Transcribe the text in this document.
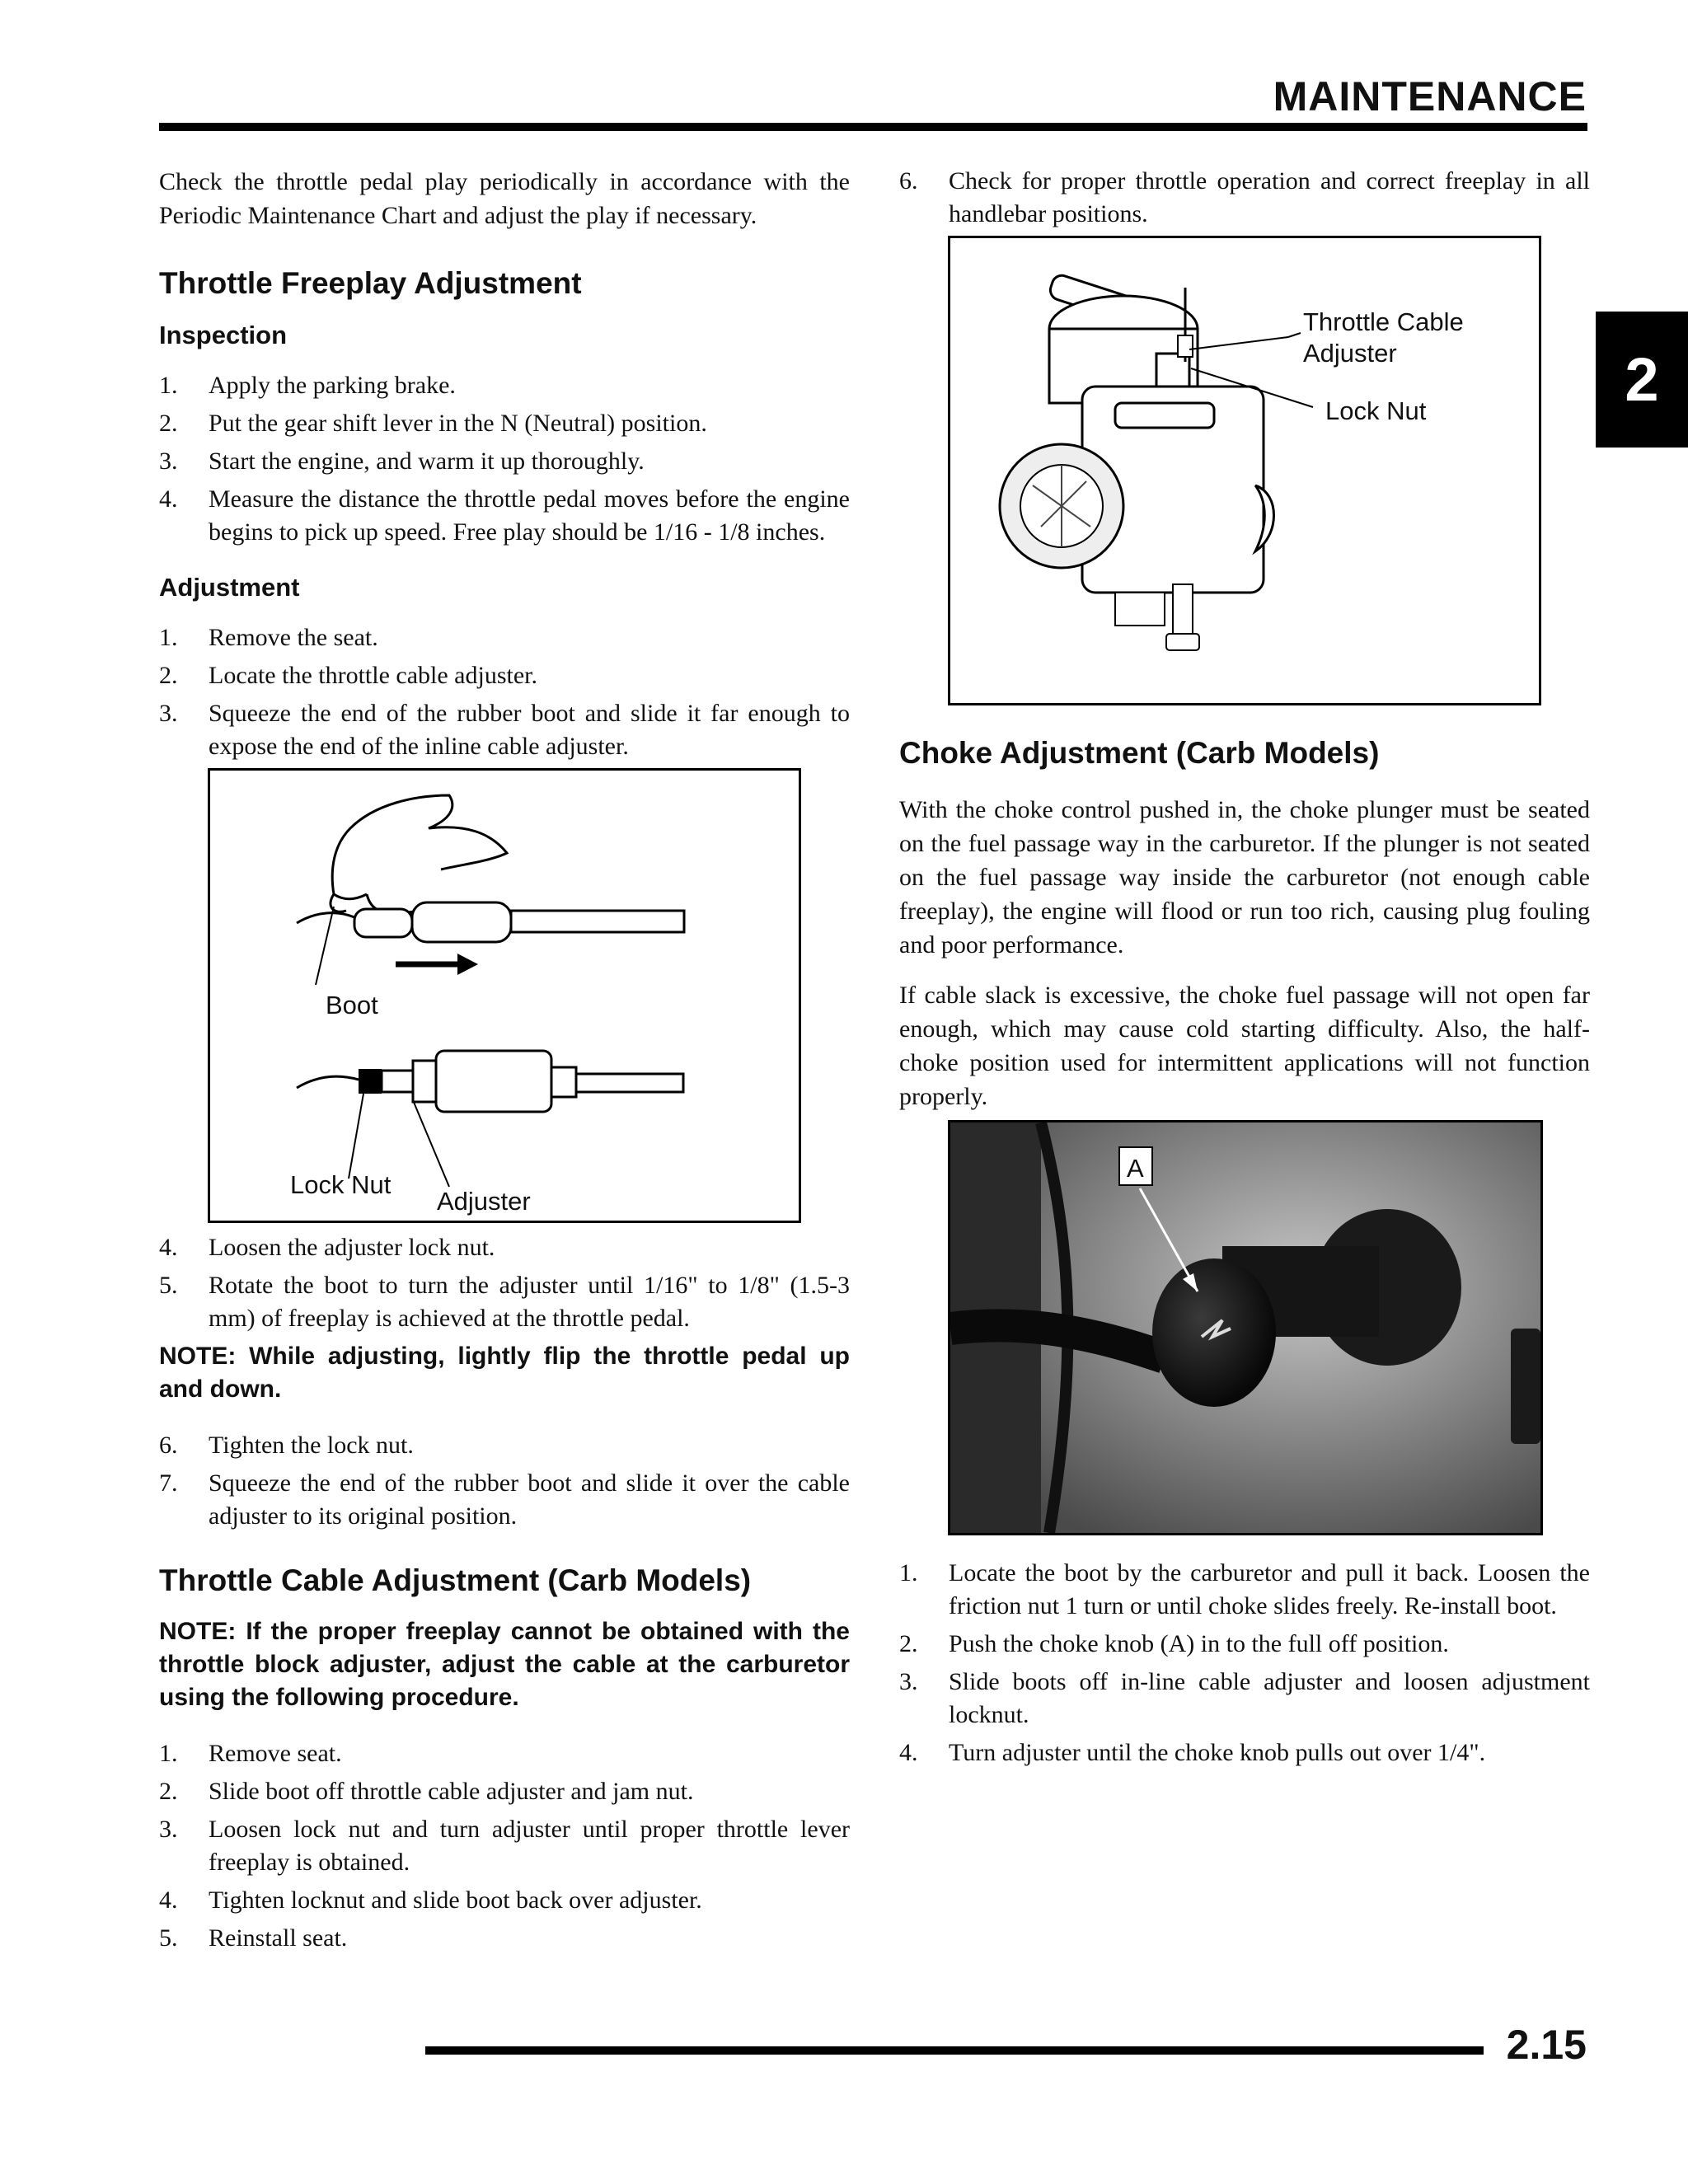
MAINTENANCE
2

Check the throttle pedal play periodically in accordance with the Periodic Maintenance Chart and adjust the play if necessary.

Throttle Freeplay Adjustment
Inspection
1. Apply the parking brake.
2. Put the gear shift lever in the N (Neutral) position.
3. Start the engine, and warm it up thoroughly.
4. Measure the distance the throttle pedal moves before the engine begins to pick up speed. Free play should be 1/16 - 1/8 inches.
Adjustment
1. Remove the seat.
2. Locate the throttle cable adjuster.
3. Squeeze the end of the rubber boot and slide it far enough to expose the end of the inline cable adjuster.
Boot
Lock Nut
Adjuster
4. Loosen the adjuster lock nut.
5. Rotate the boot to turn the adjuster until 1/16" to 1/8" (1.5-3 mm) of freeplay is achieved at the throttle pedal.

NOTE: While adjusting, lightly flip the throttle pedal up and down.

6. Tighten the lock nut.
7. Squeeze the end of the rubber boot and slide it over the cable adjuster to its original position.
Throttle Cable Adjustment (Carb Models)

NOTE: If the proper freeplay cannot be obtained with the throttle block adjuster, adjust the cable at the carburetor using the following procedure.

1. Remove seat.
2. Slide boot off throttle cable adjuster and jam nut.
3. Loosen lock nut and turn adjuster until proper throttle lever freeplay is obtained.
4. Tighten locknut and slide boot back over adjuster.
5. Reinstall seat.
6. Check for proper throttle operation and correct freeplay in all handlebar positions.
Throttle Cable
Adjuster
Lock Nut
Choke Adjustment (Carb Models)

With the choke control pushed in, the choke plunger must be seated on the fuel passage way in the carburetor. If the plunger is not seated on the fuel passage way inside the carburetor (not enough cable freeplay), the engine will flood or run too rich, causing plug fouling and poor performance.

If cable slack is excessive, the choke fuel passage will not open far enough, which may cause cold starting difficulty. Also, the half-choke position used for intermittent applications will not function properly.

A
1. Locate the boot by the carburetor and pull it back. Loosen the friction nut 1 turn or until choke slides freely. Re-install boot.
2. Push the choke knob (A) in to the full off position.
3. Slide boots off in-line cable adjuster and loosen adjustment locknut.
4. Turn adjuster until the choke knob pulls out over 1/4".
2.15
